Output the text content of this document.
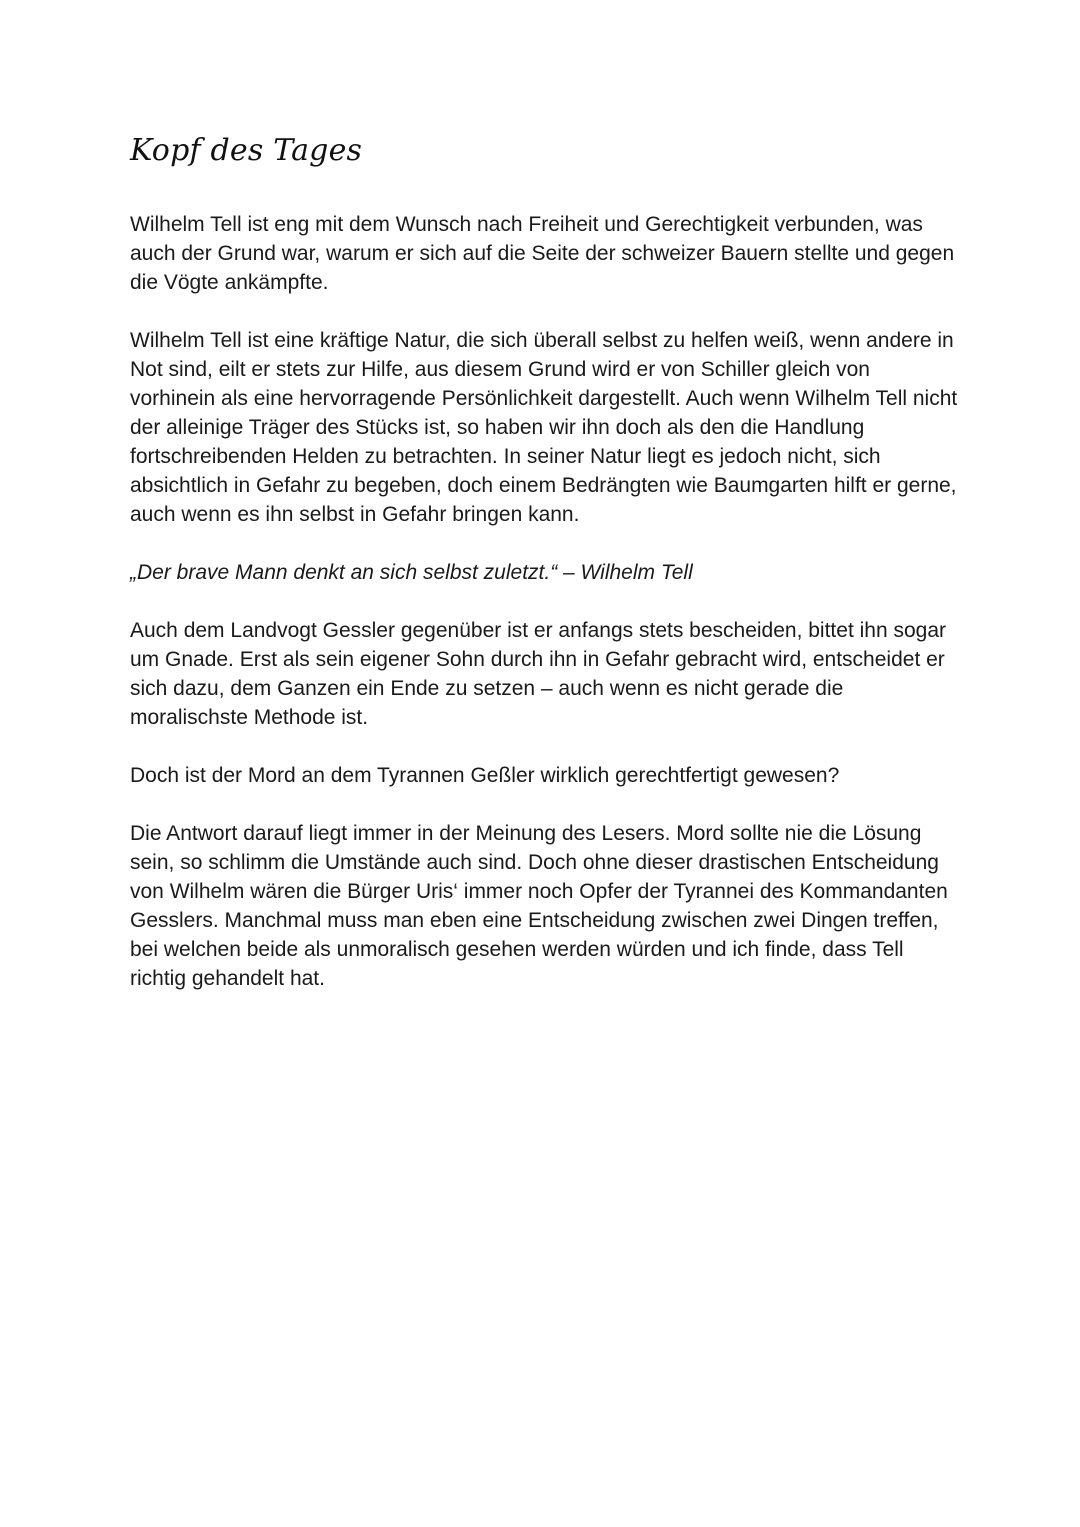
Kopf des Tages

Wilhelm Tell ist eng mit dem Wunsch nach Freiheit und Gerechtigkeit verbunden, was auch der Grund war, warum er sich auf die Seite der schweizer Bauern stellte und gegen die Vögte ankämpfte.

Wilhelm Tell ist eine kräftige Natur, die sich überall selbst zu helfen weiß, wenn andere in Not sind, eilt er stets zur Hilfe, aus diesem Grund wird er von Schiller gleich von vorhinein als eine hervorragende Persönlichkeit dargestellt. Auch wenn Wilhelm Tell nicht der alleinige Träger des Stücks ist, so haben wir ihn doch als den die Handlung fortschreibenden Helden zu betrachten. In seiner Natur liegt es jedoch nicht, sich absichtlich in Gefahr zu begeben, doch einem Bedrängten wie Baumgarten hilft er gerne, auch wenn es ihn selbst in Gefahr bringen kann.

„Der brave Mann denkt an sich selbst zuletzt.“ – Wilhelm Tell

Auch dem Landvogt Gessler gegenüber ist er anfangs stets bescheiden, bittet ihn sogar um Gnade. Erst als sein eigener Sohn durch ihn in Gefahr gebracht wird, entscheidet er sich dazu, dem Ganzen ein Ende zu setzen – auch wenn es nicht gerade die moralischste Methode ist.

Doch ist der Mord an dem Tyrannen Geßler wirklich gerechtfertigt gewesen?

Die Antwort darauf liegt immer in der Meinung des Lesers. Mord sollte nie die Lösung sein, so schlimm die Umstände auch sind. Doch ohne dieser drastischen Entscheidung von Wilhelm wären die Bürger Uris‘ immer noch Opfer der Tyrannei des Kommandanten Gesslers. Manchmal muss man eben eine Entscheidung zwischen zwei Dingen treffen, bei welchen beide als unmoralisch gesehen werden würden und ich finde, dass Tell richtig gehandelt hat.
